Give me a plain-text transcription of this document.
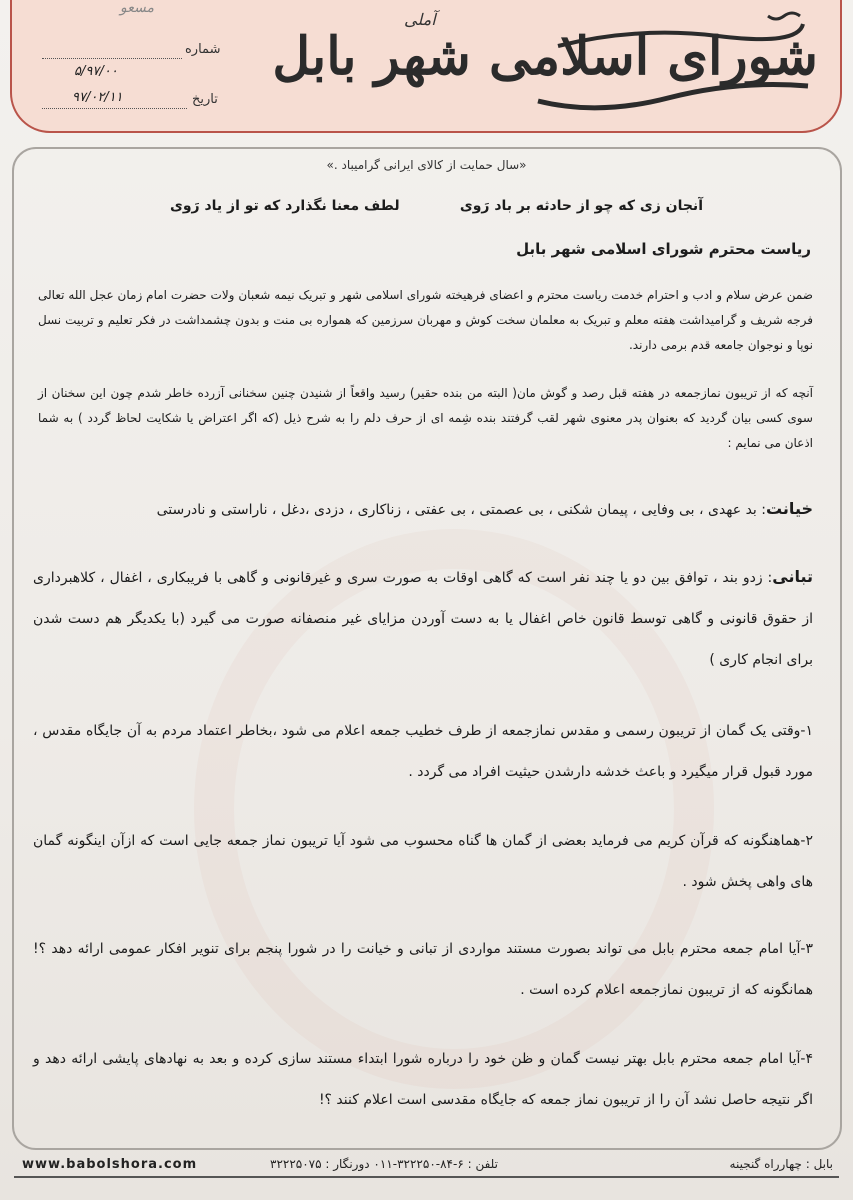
شورای اسلامی شهر بابل
آملی
مسعو
شماره
۵/۹۷/۰۰
تاریخ
۹۷/۰۲/۱۱
«سال حمایت از کالای ایرانی گرامیباد .»
آنجان زی که چو از حادثه بر باد رَوی
لطف معنا نگذارد که تو از یاد رَوی
ریاست محترم شورای اسلامی شهر بابل
ضمن عرض سلام و ادب و احترام خدمت ریاست محترم و اعضای فرهیخته شورای اسلامی شهر و تبریک نیمه شعبان ولات حضرت امام زمان عجل الله تعالی فرجه شریف و گرامیداشت هفته معلم و تبریک به معلمان سخت کوش و مهربان سرزمین که همواره بی منت و بدون چشمداشت در فکر تعلیم و تربیت نسل نوپا و نوجوان جامعه قدم برمی دارند.
آنچه که از تریبون نمازجمعه در هفته قبل رصد و گوش مان( البته من بنده حقیر) رسید واقعاً از شنیدن چنین سخنانی آزرده خاطر شدم چون این سخنان از سوی کسی بیان گردید که بعنوان پدر معنوی شهر لقب گرفتند بنده شِمه ای از حرف دلم را به شرح ذیل (که اگر اعتراض یا شکایت لحاظ گردد ) به شما اذعان می نمایم :
خیانت: بد عهدی ، بی وفایی ، پیمان شکنی ، بی عصمتی ، بی عفتی ، زناکاری ، دزدی ،دغل ، ناراستی و نادرستی
تبانی: زدو بند ، توافق بین دو یا چند نفر است که گاهی اوقات به صورت سری و غیرقانونی و گاهی با فریبکاری ، اغفال ، کلاهبرداری از حقوق قانونی و گاهی توسط قانون خاص اغفال یا به دست آوردن مزایای غیر منصفانه صورت می گیرد (با یکدیگر هم دست شدن برای انجام کاری )
۱-وقتی یک گمان از تریبون رسمی و مقدس نمازجمعه از طرف خطیب جمعه اعلام می شود ،بخاطر اعتماد مردم به آن جایگاه مقدس ، مورد قبول قرار میگیرد و باعث خدشه دارشدن حیثیت افراد می گردد .
۲-هماهنگونه که قرآن کریم می فرماید بعضی از گمان ها گناه محسوب می شود آیا تریبون نماز جمعه جایی است که ازآن اینگونه گمان های واهی پخش شود .
۳-آیا امام جمعه محترم بابل می تواند بصورت مستند مواردی از تبانی و خیانت را در شورا پنجم برای تنویر افکار عمومی ارائه دهد ؟! همانگونه که از تریبون نمازجمعه اعلام کرده است .
۴-آیا امام جمعه محترم بابل بهتر نیست گمان و ظن خود را درباره شورا ابتداء مستند سازی کرده و بعد به نهادهای پایشی ارائه دهد و اگر نتیجه حاصل نشد آن را از تریبون نماز جمعه که جایگاه مقدسی است اعلام کنند ؟!
www.babolshora.com	تلفن : ۶-۸۴-۳۲۲۲۵۰-۰۱۱ دورنگار : ۳۲۲۲۵۰۷۵	بابل : چهارراه گنجینه
